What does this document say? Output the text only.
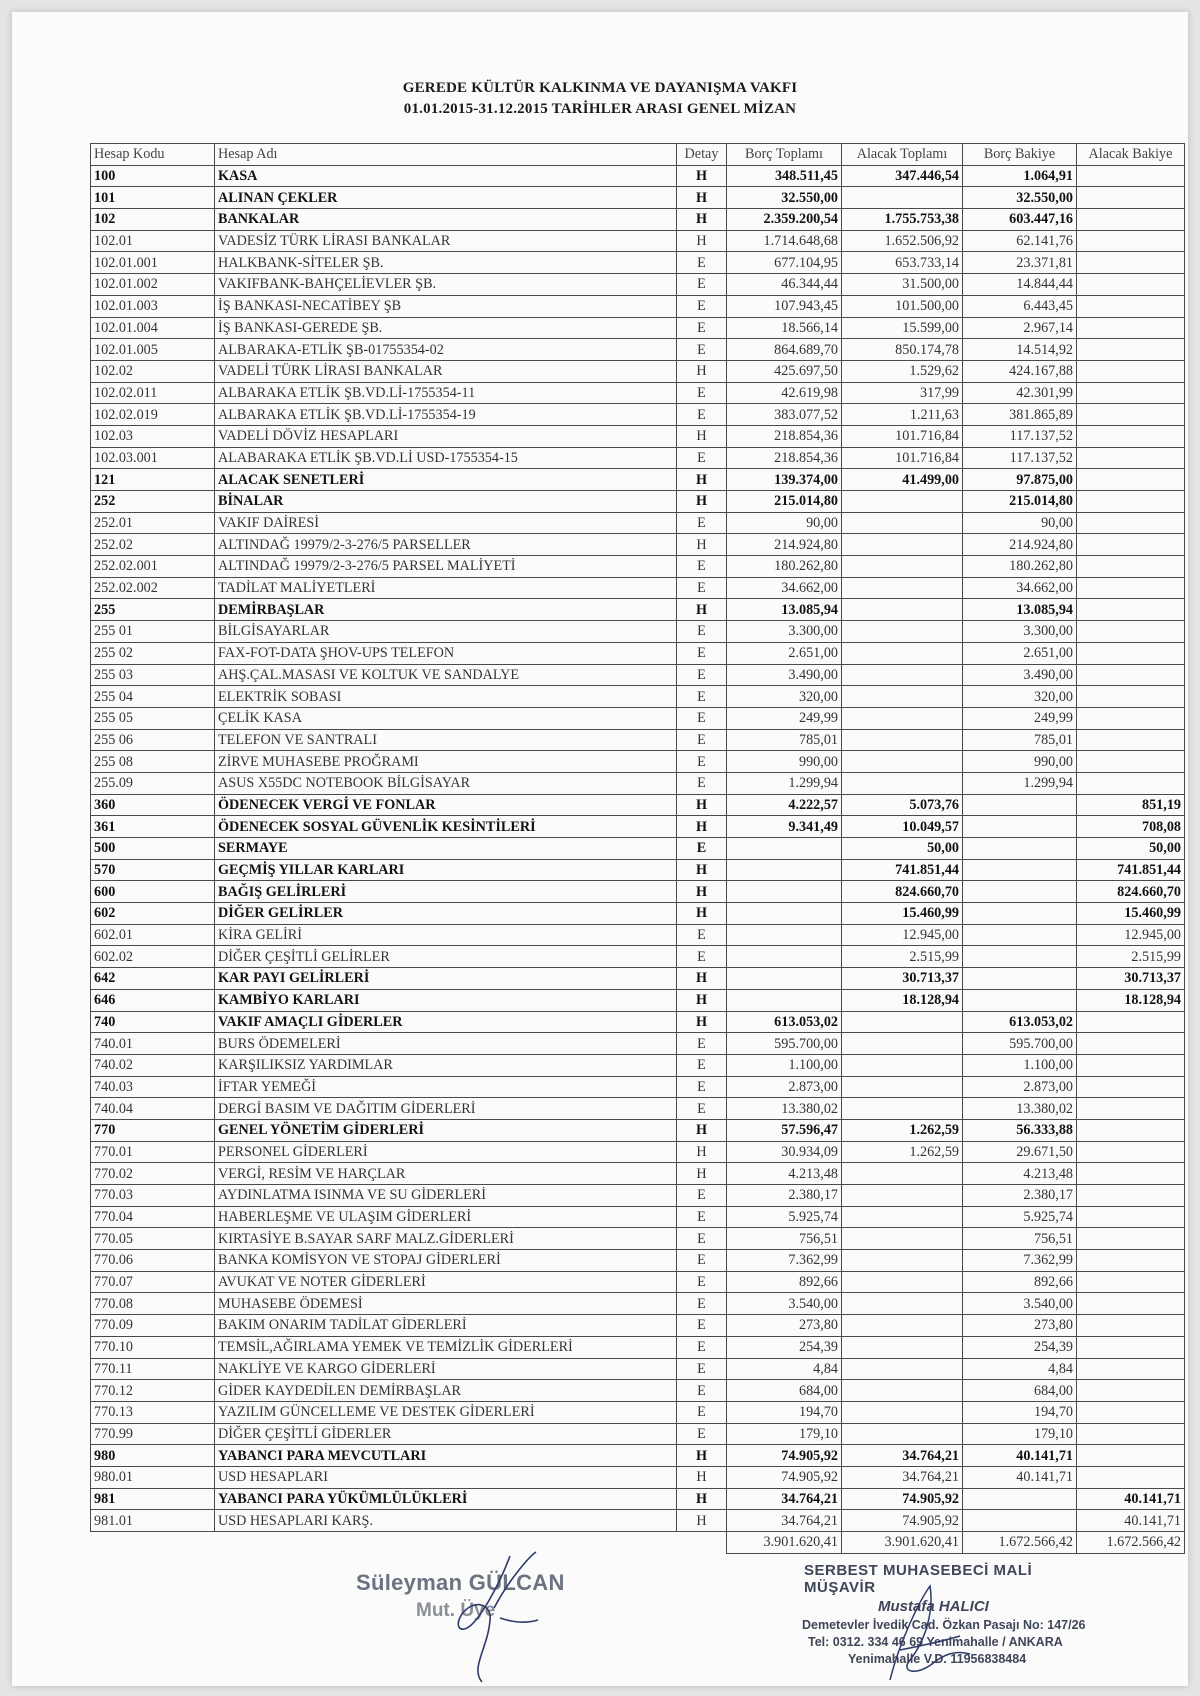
GEREDE KÜLTÜR KALKINMA VE DAYANIŞMA VAKFI
01.01.2015-31.12.2015 TARİHLER ARASI GENEL MİZAN
Hesap Kodu	Hesap Adı	Detay	Borç Toplamı	Alacak Toplamı	Borç Bakiye	Alacak Bakiye
100	KASA	H	348.511,45	347.446,54	1.064,91	
101	ALINAN ÇEKLER	H	32.550,00		32.550,00	
102	BANKALAR	H	2.359.200,54	1.755.753,38	603.447,16	
102.01	VADESİZ TÜRK LİRASI BANKALAR	H	1.714.648,68	1.652.506,92	62.141,76	
102.01.001	HALKBANK-SİTELER ŞB.	E	677.104,95	653.733,14	23.371,81	
102.01.002	VAKIFBANK-BAHÇELİEVLER ŞB.	E	46.344,44	31.500,00	14.844,44	
102.01.003	İŞ BANKASI-NECATİBEY ŞB	E	107.943,45	101.500,00	6.443,45	
102.01.004	İŞ BANKASI-GEREDE ŞB.	E	18.566,14	15.599,00	2.967,14	
102.01.005	ALBARAKA-ETLİK ŞB-01755354-02	E	864.689,70	850.174,78	14.514,92	
102.02	VADELİ TÜRK LİRASI BANKALAR	H	425.697,50	1.529,62	424.167,88	
102.02.011	ALBARAKA ETLİK ŞB.VD.Lİ-1755354-11	E	42.619,98	317,99	42.301,99	
102.02.019	ALBARAKA ETLİK ŞB.VD.Lİ-1755354-19	E	383.077,52	1.211,63	381.865,89	
102.03	VADELİ DÖVİZ HESAPLARI	H	218.854,36	101.716,84	117.137,52	
102.03.001	ALABARAKA ETLİK ŞB.VD.Lİ USD-1755354-15	E	218.854,36	101.716,84	117.137,52	
121	ALACAK SENETLERİ	H	139.374,00	41.499,00	97.875,00	
252	BİNALAR	H	215.014,80		215.014,80	
252.01	VAKIF DAİRESİ	E	90,00		90,00	
252.02	ALTINDAĞ 19979/2-3-276/5 PARSELLER	H	214.924,80		214.924,80	
252.02.001	ALTINDAĞ 19979/2-3-276/5 PARSEL MALİYETİ	E	180.262,80		180.262,80	
252.02.002	TADİLAT MALİYETLERİ	E	34.662,00		34.662,00	
255	DEMİRBAŞLAR	H	13.085,94		13.085,94	
255 01	BİLGİSAYARLAR	E	3.300,00		3.300,00	
255 02	FAX-FOT-DATA ŞHOV-UPS TELEFON	E	2.651,00		2.651,00	
255 03	AHŞ.ÇAL.MASASI VE KOLTUK VE SANDALYE	E	3.490,00		3.490,00	
255 04	ELEKTRİK SOBASI	E	320,00		320,00	
255 05	ÇELİK KASA	E	249,99		249,99	
255 06	TELEFON VE SANTRALI	E	785,01		785,01	
255 08	ZİRVE MUHASEBE PROĞRAMI	E	990,00		990,00	
255.09	ASUS X55DC NOTEBOOK BİLGİSAYAR	E	1.299,94		1.299,94	
360	ÖDENECEK VERGİ VE FONLAR	H	4.222,57	5.073,76		851,19
361	ÖDENECEK SOSYAL GÜVENLİK KESİNTİLERİ	H	9.341,49	10.049,57		708,08
500	SERMAYE	E		50,00		50,00
570	GEÇMİŞ YILLAR KARLARI	H		741.851,44		741.851,44
600	BAĞIŞ GELİRLERİ	H		824.660,70		824.660,70
602	DİĞER GELİRLER	H		15.460,99		15.460,99
602.01	KİRA GELİRİ	E		12.945,00		12.945,00
602.02	DİĞER ÇEŞİTLİ GELİRLER	E		2.515,99		2.515,99
642	KAR PAYI GELİRLERİ	H		30.713,37		30.713,37
646	KAMBİYO KARLARI	H		18.128,94		18.128,94
740	VAKIF AMAÇLI GİDERLER	H	613.053,02		613.053,02	
740.01	BURS ÖDEMELERİ	E	595.700,00		595.700,00	
740.02	KARŞILIKSIZ YARDIMLAR	E	1.100,00		1.100,00	
740.03	İFTAR YEMEĞİ	E	2.873,00		2.873,00	
740.04	DERGİ BASIM VE DAĞITIM GİDERLERİ	E	13.380,02		13.380,02	
770	GENEL YÖNETİM GİDERLERİ	H	57.596,47	1.262,59	56.333,88	
770.01	PERSONEL GİDERLERİ	H	30.934,09	1.262,59	29.671,50	
770.02	VERGİ, RESİM VE HARÇLAR	H	4.213,48		4.213,48	
770.03	AYDINLATMA ISINMA VE SU GİDERLERİ	E	2.380,17		2.380,17	
770.04	HABERLEŞME VE ULAŞIM GİDERLERİ	E	5.925,74		5.925,74	
770.05	KIRTASİYE B.SAYAR SARF MALZ.GİDERLERİ	E	756,51		756,51	
770.06	BANKA KOMİSYON VE STOPAJ GİDERLERİ	E	7.362,99		7.362,99	
770.07	AVUKAT VE NOTER GİDERLERİ	E	892,66		892,66	
770.08	MUHASEBE ÖDEMESİ	E	3.540,00		3.540,00	
770.09	BAKIM ONARIM TADİLAT GİDERLERİ	E	273,80		273,80	
770.10	TEMSİL,AĞIRLAMA YEMEK VE TEMİZLİK GİDERLERİ	E	254,39		254,39	
770.11	NAKLİYE VE KARGO GİDERLERİ	E	4,84		4,84	
770.12	GİDER KAYDEDİLEN DEMİRBAŞLAR	E	684,00		684,00	
770.13	YAZILIM GÜNCELLEME VE DESTEK GİDERLERİ	E	194,70		194,70	
770.99	DİĞER ÇEŞİTLİ GİDERLER	E	179,10		179,10	
980	YABANCI PARA MEVCUTLARI	H	74.905,92	34.764,21	40.141,71	
980.01	USD HESAPLARI	H	74.905,92	34.764,21	40.141,71	
981	YABANCI PARA YÜKÜMLÜLÜKLERİ	H	34.764,21	74.905,92		40.141,71
981.01	USD HESAPLARI KARŞ.	H	34.764,21	74.905,92		40.141,71
			3.901.620,41	3.901.620,41	1.672.566,42	1.672.566,42
Süleyman GÜLCAN
Mut. Üye
SERBEST MUHASEBECİ MALİ MÜŞAVİR
Mustafa HALICI
Demetevler İvedik Cad. Özkan Pasajı No: 147/26
Tel: 0312. 334 46 69 Yenimahalle / ANKARA
Yenimahalle V.D. 11956838484
